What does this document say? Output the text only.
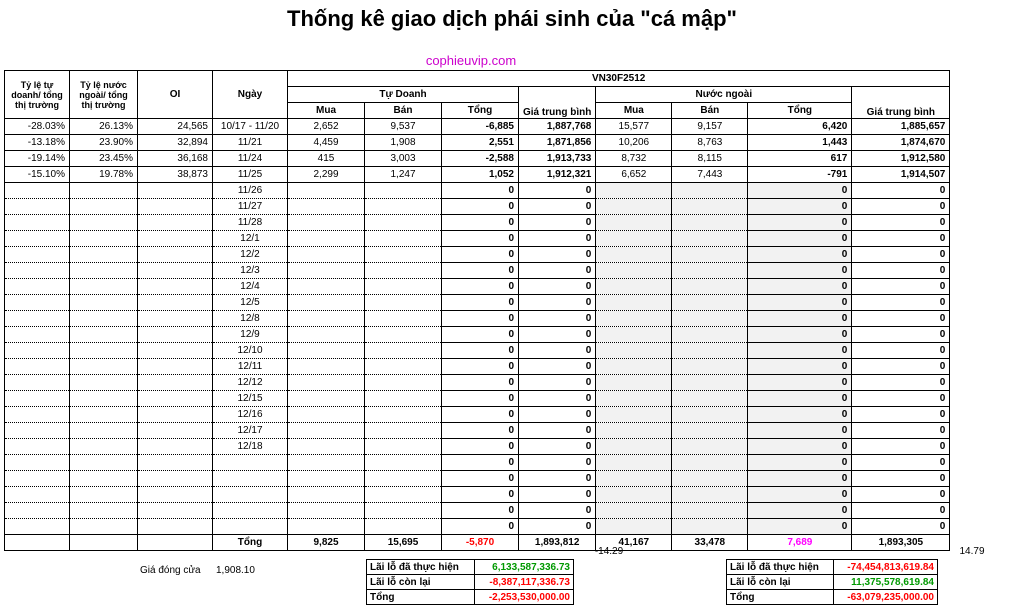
Thống kê giao dịch phái sinh của "cá mập"
cophieuvip.com
Tỷ lệ tự doanh/ tổng thị trường	Tỷ lệ nước ngoài/ tổng thị trường	OI	Ngày	VN30F2512							
				Tự Doanh			Giá trung bình	Nước ngoài			Giá trung bình
				Mua	Bán	Tổng		Mua	Bán	Tổng	
-28.03%	26.13%	24,565	10/17 - 11/20	2,652	9,537	-6,885	1,887,768	15,577	9,157	6,420	1,885,657
-13.18%	23.90%	32,894	11/21	4,459	1,908	2,551	1,871,856	10,206	8,763	1,443	1,874,670
-19.14%	23.45%	36,168	11/24	415	3,003	-2,588	1,913,733	8,732	8,115	617	1,912,580
-15.10%	19.78%	38,873	11/25	2,299	1,247	1,052	1,912,321	6,652	7,443	-791	1,914,507
			11/26			0	0			0	0
			11/27			0	0			0	0
			11/28			0	0			0	0
			12/1			0	0			0	0
			12/2			0	0			0	0
			12/3			0	0			0	0
			12/4			0	0			0	0
			12/5			0	0			0	0
			12/8			0	0			0	0
			12/9			0	0			0	0
			12/10			0	0			0	0
			12/11			0	0			0	0
			12/12			0	0			0	0
			12/15			0	0			0	0
			12/16			0	0			0	0
			12/17			0	0			0	0
			12/18			0	0			0	0
						0	0			0	0
						0	0			0	0
						0	0			0	0
						0	0			0	0
						0	0			0	0
			Tổng	9,825	15,695	-5,870	1,893,812	41,167	33,478	7,689	1,893,305
-14.29	14.79
Giá đóng cửa 1,908.10	Lãi lỗ đã thực hiện	6,133,587,336.73
Lãi lỗ còn lại	-8,387,117,336.73
Tổng	-2,253,530,000.00
Lãi lỗ đã thực hiện	-74,454,813,619.84
Lãi lỗ còn lại	11,375,578,619.84
Tổng	-63,079,235,000.00
